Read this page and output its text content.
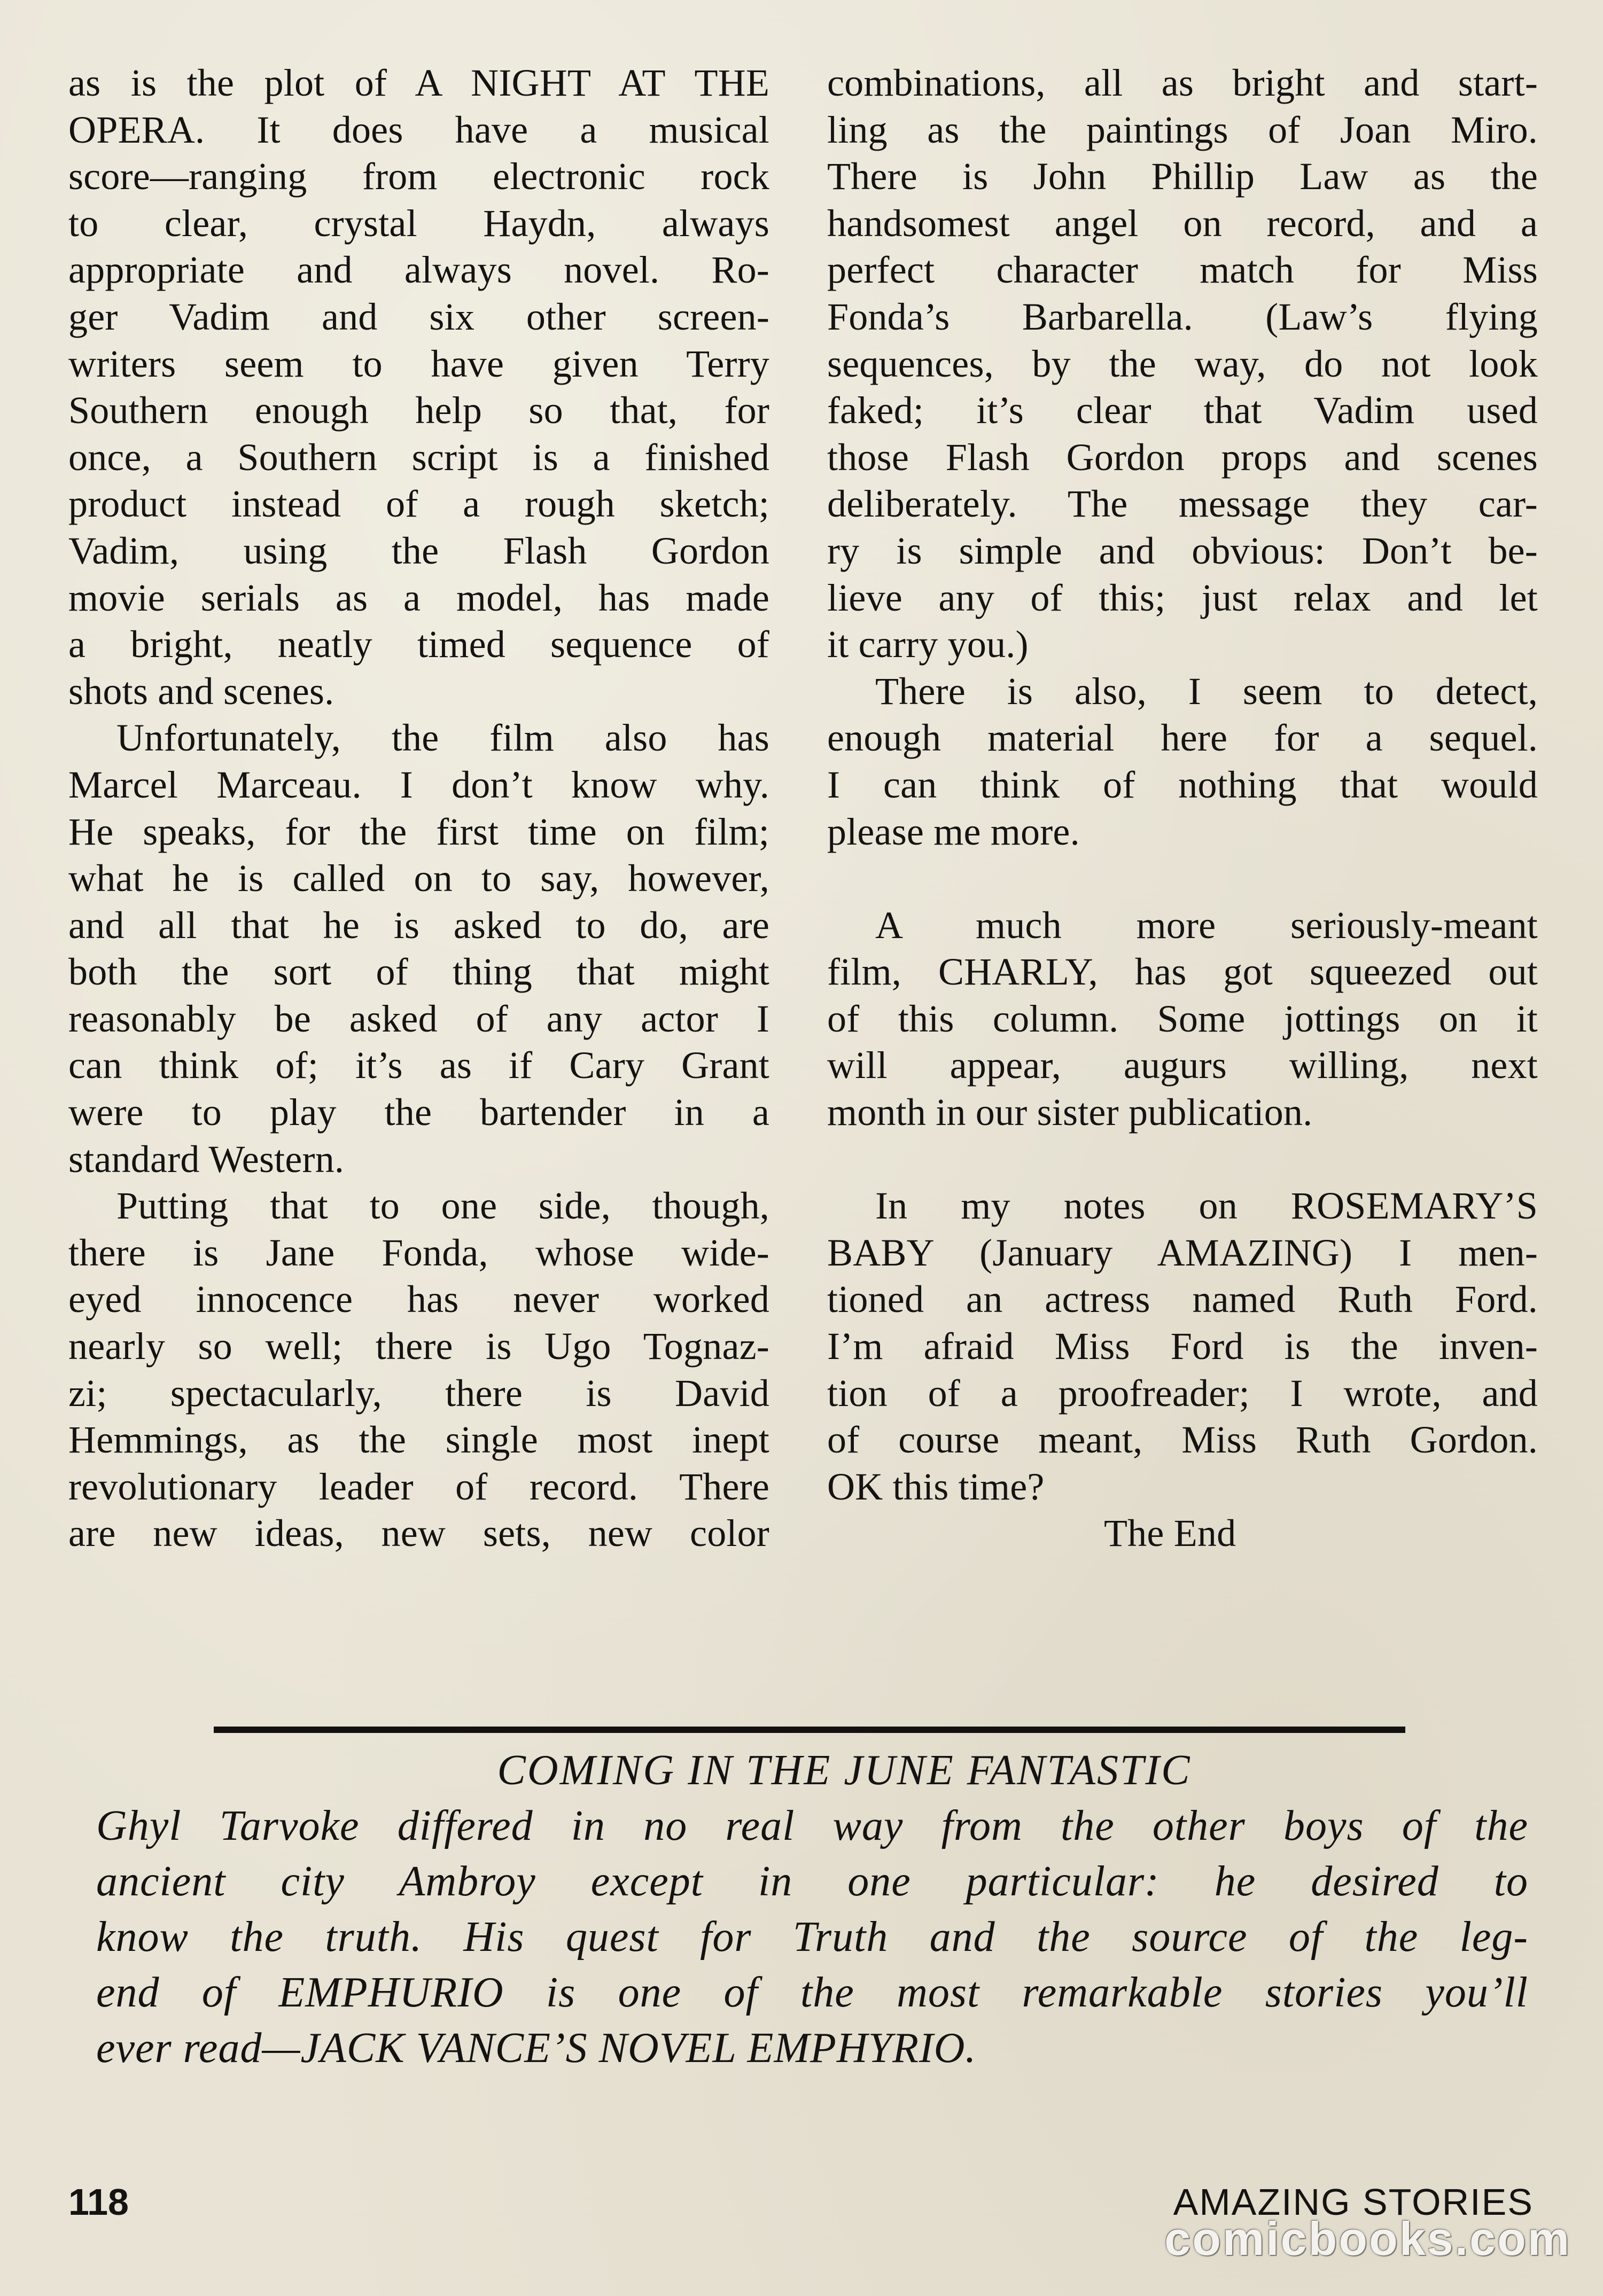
as is the plot of A NIGHT AT THE
OPERA. It does have a musical
score—ranging from electronic rock
to clear, crystal Haydn, always
appropriate and always novel. Ro-
ger Vadim and six other screen-
writers seem to have given Terry
Southern enough help so that, for
once, a Southern script is a finished
product instead of a rough sketch;
Vadim, using the Flash Gordon
movie serials as a model, has made
a bright, neatly timed sequence of
shots and scenes.
Unfortunately, the film also has
Marcel Marceau. I don’t know why.
He speaks, for the first time on film;
what he is called on to say, however,
and all that he is asked to do, are
both the sort of thing that might
reasonably be asked of any actor I
can think of; it’s as if Cary Grant
were to play the bartender in a
standard Western.
Putting that to one side, though,
there is Jane Fonda, whose wide-
eyed innocence has never worked
nearly so well; there is Ugo Tognaz-
zi; spectacularly, there is David
Hemmings, as the single most inept
revolutionary leader of record. There
are new ideas, new sets, new color
combinations, all as bright and start-
ling as the paintings of Joan Miro.
There is John Phillip Law as the
handsomest angel on record, and a
perfect character match for Miss
Fonda’s Barbarella. (Law’s flying
sequences, by the way, do not look
faked; it’s clear that Vadim used
those Flash Gordon props and scenes
deliberately. The message they car-
ry is simple and obvious: Don’t be-
lieve any of this; just relax and let
it carry you.)
There is also, I seem to detect,
enough material here for a sequel.
I can think of nothing that would
please me more.
A much more seriously-meant
film, CHARLY, has got squeezed out
of this column. Some jottings on it
will appear, augurs willing, next
month in our sister publication.
In my notes on ROSEMARY’S
BABY (January AMAZING) I men-
tioned an actress named Ruth Ford.
I’m afraid Miss Ford is the inven-
tion of a proofreader; I wrote, and
of course meant, Miss Ruth Gordon.
OK this time?
The End
COMING IN THE JUNE FANTASTIC
Ghyl Tarvoke differed in no real way from the other boys of the
ancient city Ambroy except in one particular: he desired to
know the truth. His quest for Truth and the source of the leg-
end of EMPHURIO is one of the most remarkable stories you’ll
ever read—JACK VANCE’S NOVEL EMPHYRIO.
118	AMAZING STORIES
comicbooks.com
